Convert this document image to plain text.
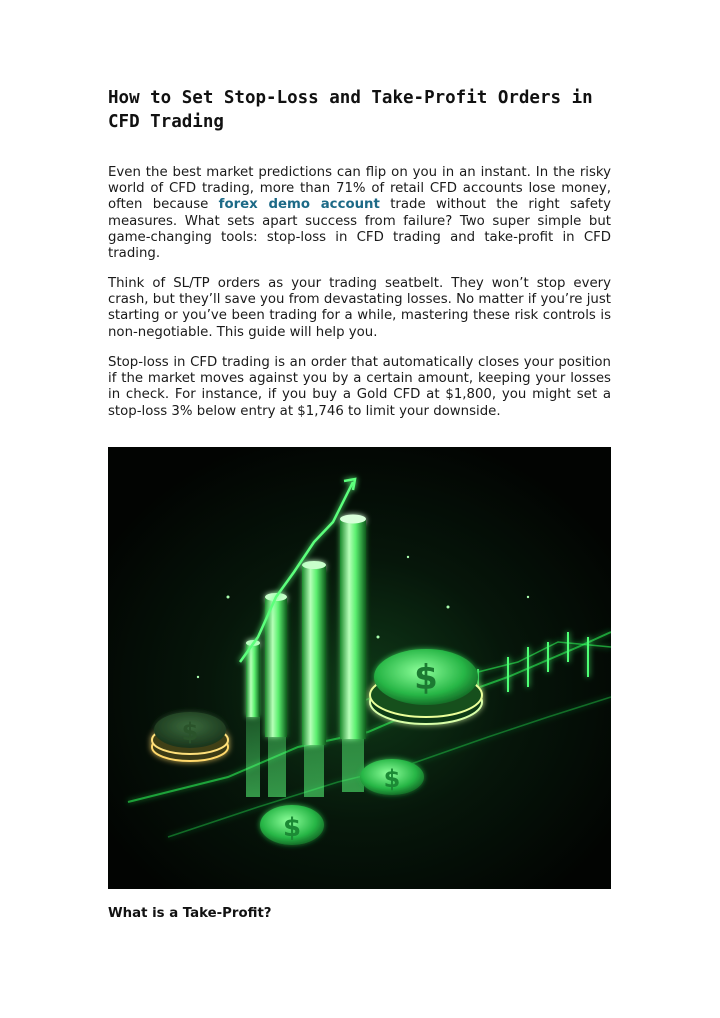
How to Set Stop-Loss and Take-Profit Orders in CFD Trading

Even the best market predictions can flip on you in an instant. In the risky world of CFD trading, more than 71% of retail CFD accounts lose money, often because forex demo account trade without the right safety measures. What sets apart success from failure? Two super simple but game-changing tools: stop-loss in CFD trading and take-profit in CFD trading.

Think of SL/TP orders as your trading seatbelt. They won’t stop every crash, but they’ll save you from devastating losses. No matter if you’re just starting or you’ve been trading for a while, mastering these risk controls is non-negotiable. This guide will help you.

Stop-loss in CFD trading is an order that automatically closes your position if the market moves against you by a certain amount, keeping your losses in check. For instance, if you buy a Gold CFD at $1,800, you might set a stop-loss 3% below entry at $1,746 to limit your downside.

$
$
$
$
What is a Take-Profit?
